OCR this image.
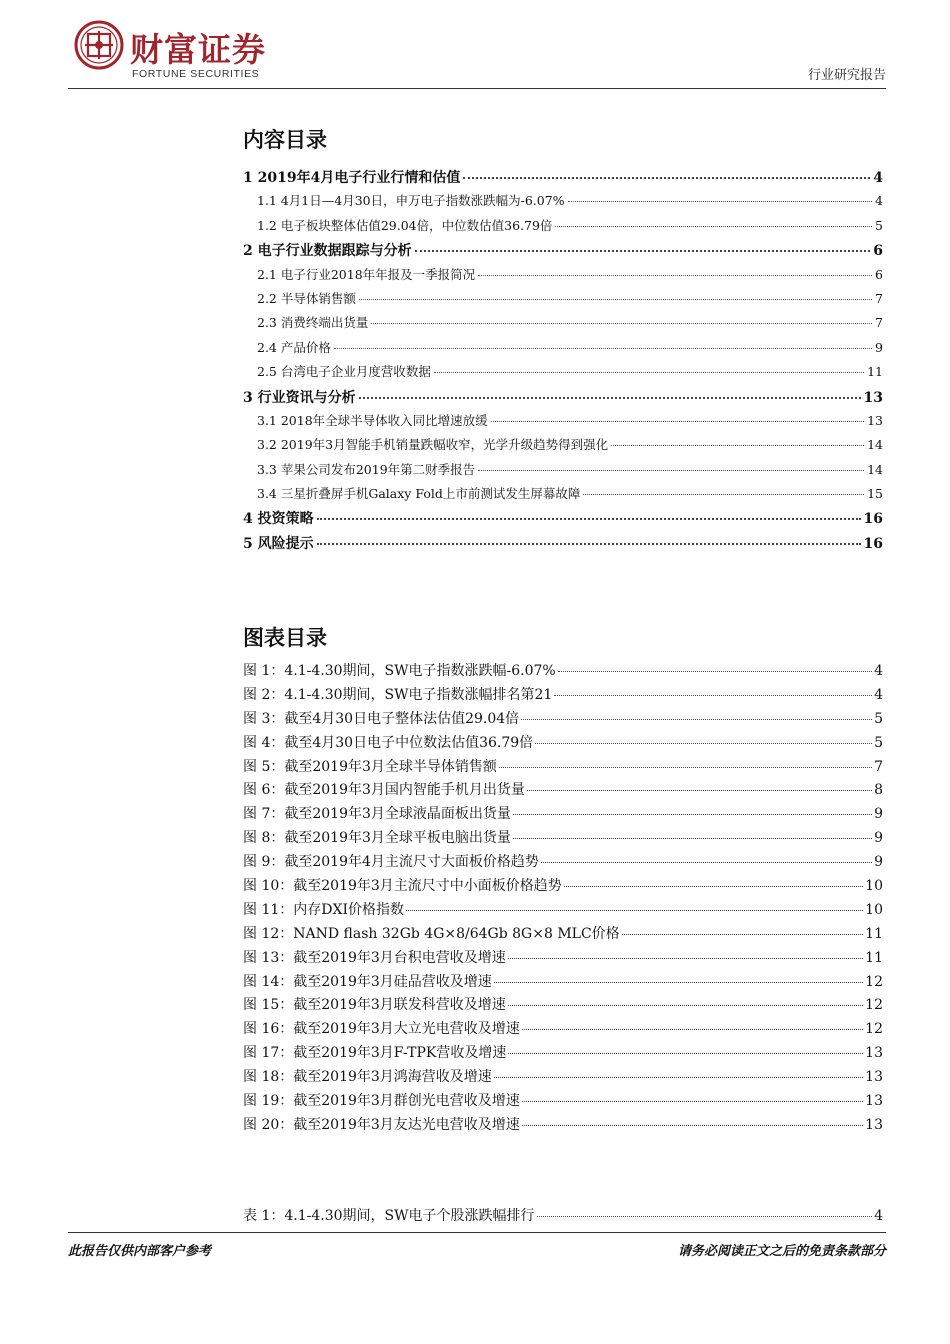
财富证券
FORTUNE SECURITIES	行业研究报告
内容目录
1 2019年4月电子行业行情和估值	4
1.1 4月1日—4月30日，申万电子指数涨跌幅为-6.07%	4
1.2 电子板块整体估值29.04倍，中位数估值36.79倍	5
2 电子行业数据跟踪与分析	6
2.1 电子行业2018年年报及一季报简况	6
2.2 半导体销售额	7
2.3 消费终端出货量	7
2.4 产品价格	9
2.5 台湾电子企业月度营收数据	11
3 行业资讯与分析	13
3.1 2018年全球半导体收入同比增速放缓	13
3.2 2019年3月智能手机销量跌幅收窄，光学升级趋势得到强化	14
3.3 苹果公司发布2019年第二财季报告	14
3.4 三星折叠屏手机Galaxy Fold上市前测试发生屏幕故障	15
4 投资策略	16
5 风险提示	16
图表目录
图 1：4.1-4.30期间，SW电子指数涨跌幅-6.07%	4
图 2：4.1-4.30期间，SW电子指数涨幅排名第21	4
图 3：截至4月30日电子整体法估值29.04倍	5
图 4：截至4月30日电子中位数法估值36.79倍	5
图 5：截至2019年3月全球半导体销售额	7
图 6：截至2019年3月国内智能手机月出货量	8
图 7：截至2019年3月全球液晶面板出货量	9
图 8：截至2019年3月全球平板电脑出货量	9
图 9：截至2019年4月主流尺寸大面板价格趋势	9
图 10：截至2019年3月主流尺寸中小面板价格趋势	10
图 11：内存DXI价格指数	10
图 12：NAND flash 32Gb 4G×8/64Gb 8G×8 MLC价格	11
图 13：截至2019年3月台积电营收及增速	11
图 14：截至2019年3月硅品营收及增速	12
图 15：截至2019年3月联发科营收及增速	12
图 16：截至2019年3月大立光电营收及增速	12
图 17：截至2019年3月F-TPK营收及增速	13
图 18：截至2019年3月鸿海营收及增速	13
图 19：截至2019年3月群创光电营收及增速	13
图 20：截至2019年3月友达光电营收及增速	13
表 1：4.1-4.30期间，SW电子个股涨跌幅排行	4
此报告仅供内部客户参考	请务必阅读正文之后的免责条款部分
